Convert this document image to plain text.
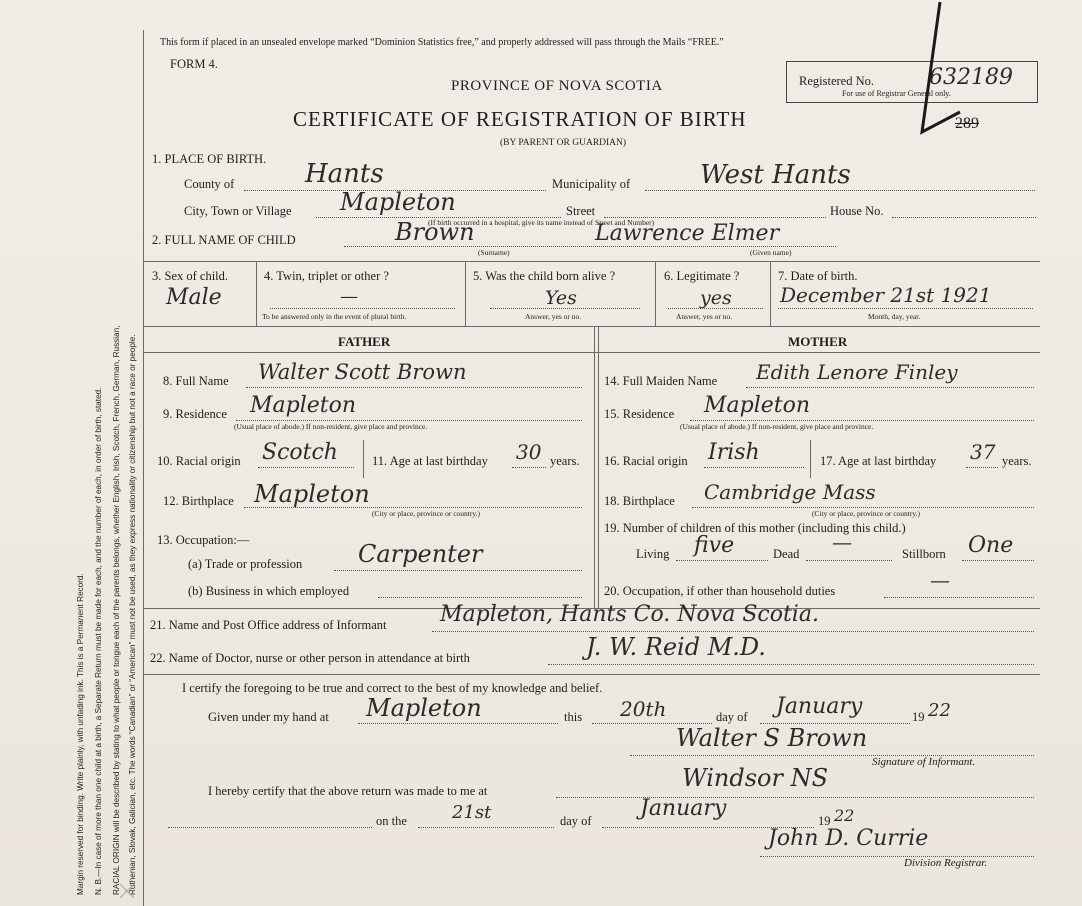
Margin reserved for binding. Write plainly, with unfading ink. This is a Permanent Record. N. B.—In case of more than one child at a birth, a Separate Return must be made for each, and the number of each, in order of birth, stated. RACIAL ORIGIN will be described by stating to what people or tongue each of the parents belongs, whether English, Irish, Scotch, French, German, Russian, Ruthenian, Slovak, Galician, etc. The words “Canadian” or “American” must not be used, as they express nationality or citizenship but not a race or people.
This form if placed in an unsealed envelope marked “Dominion Statistics free,” and properly addressed will pass through the Mails “FREE.”
FORM 4.
PROVINCE OF NOVA SCOTIA
CERTIFICATE OF REGISTRATION OF BIRTH
(BY PARENT OR GUARDIAN)
Registered No.	632189
For use of Registrar General only.
289
1. PLACE OF BIRTH.
County of	Hants	Municipality of	West Hants
City, Town or Village Mapleton	Street	House No.
(If birth occurred in a hospital, give its name instead of Street and Number)
2. FULL NAME OF CHILD	Brown	Lawrence Elmer
(Surname)	(Given name)
3. Sex of child.
Male
4. Twin, triplet or other ?
—
To be answered only in the event of plural birth.
5. Was the child born alive ?
Yes
Answer, yes or no.
6. Legitimate ?
yes
Answer, yes or no.
7. Date of birth.
December 21st 1921
Month, day, year.
FATHER	MOTHER
8. Full Name Walter Scott Brown
9. Residence Mapleton
(Usual place of abode.) If non-resident, give place and province.
10. Racial origin Scotch	11. Age at last birthday 30 years.
12. Birthplace Mapleton
(City or place, province or country.)
13. Occupation:—
(a) Trade or profession Carpenter
(b) Business in which employed
14. Full Maiden Name Edith Lenore Finley
15. Residence Mapleton
(Usual place of abode.) If non-resident, give place and province.
16. Racial origin Irish	17. Age at last birthday 37 years.
18. Birthplace Cambridge Mass
(City or place, province or country.)
19. Number of children of this mother (including this child.)
Living five	Dead —	Stillborn One
20. Occupation, if other than household duties	—
21. Name and Post Office address of Informant Mapleton, Hants Co. Nova Scotia.
22. Name of Doctor, nurse or other person in attendance at birth	J. W. Reid M.D.
I certify the foregoing to be true and correct to the best of my knowledge and belief.
Given under my hand at Mapleton	this 20th	day of January	19 22
Walter S Brown
Signature of Informant.
I hereby certify that the above return was made to me at	Windsor NS
on the	21st	day of January	19 22
John D. Currie
Division Registrar.
